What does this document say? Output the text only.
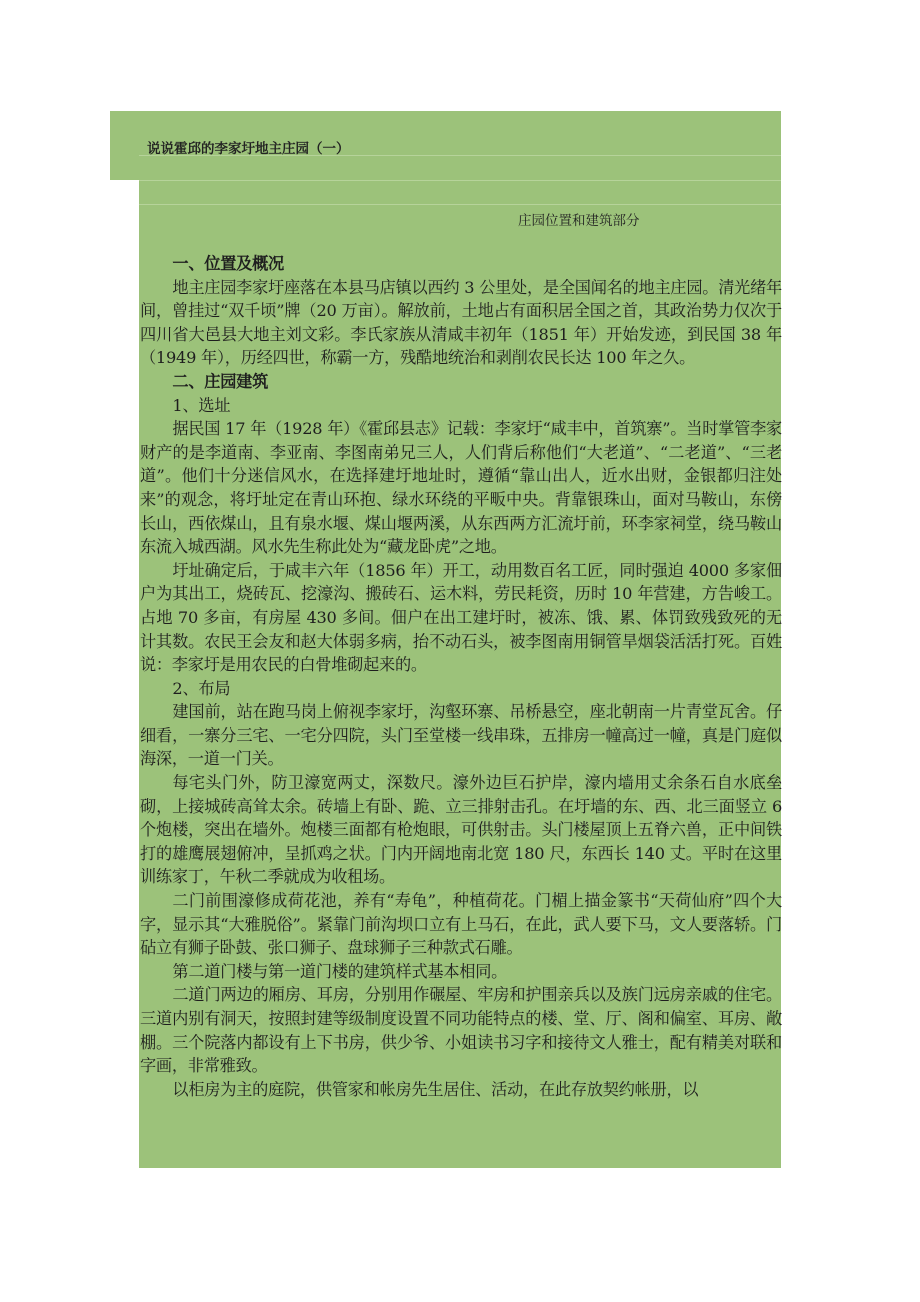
说说霍邱的李家圩地主庄园（一）
庄园位置和建筑部分

一、位置及概况

地主庄园李家圩座落在本县马店镇以西约 3 公里处，是全国闻名的地主庄园。清光绪年间，曾挂过“双千顷”牌（20 万亩）。解放前，土地占有面积居全国之首，其政治势力仅次于四川省大邑县大地主刘文彩。李氏家族从清咸丰初年（1851 年）开始发迹，到民国 38 年（1949 年），历经四世，称霸一方，残酷地统治和剥削农民长达 100 年之久。

二、庄园建筑

1、选址

据民国 17 年（1928 年）《霍邱县志》记载：李家圩“咸丰中，首筑寨”。当时掌管李家财产的是李道南、李亚南、李图南弟兄三人，人们背后称他们“大老道”、“二老道”、“三老道”。他们十分迷信风水，在选择建圩地址时，遵循“靠山出人，近水出财，金银都归注处来”的观念，将圩址定在青山环抱、绿水环绕的平畈中央。背靠银珠山，面对马鞍山，东傍长山，西依煤山，且有泉水堰、煤山堰两溪，从东西两方汇流圩前，环李家祠堂，绕马鞍山东流入城西湖。风水先生称此处为“藏龙卧虎”之地。

圩址确定后，于咸丰六年（1856 年）开工，动用数百名工匠，同时强迫 4000 多家佃户为其出工，烧砖瓦、挖濠沟、搬砖石、运木料，劳民耗资，历时 10 年营建，方告峻工。占地 70 多亩，有房屋 430 多间。佃户在出工建圩时，被冻、饿、累、体罚致残致死的无计其数。农民王会友和赵大体弱多病，抬不动石头，被李图南用铜管旱烟袋活活打死。百姓说：李家圩是用农民的白骨堆砌起来的。

2、布局

建国前，站在跑马岗上俯视李家圩，沟壑环寨、吊桥悬空，座北朝南一片青堂瓦舍。仔细看，一寨分三宅、一宅分四院，头门至堂楼一线串珠，五排房一幢高过一幢，真是门庭似海深，一道一门关。

每宅头门外，防卫濠宽两丈，深数尺。濠外边巨石护岸，濠内墙用丈余条石自水底垒砌，上接城砖高耸太余。砖墙上有卧、跪、立三排射击孔。在圩墙的东、西、北三面竖立 6 个炮楼，突出在墙外。炮楼三面都有枪炮眼，可供射击。头门楼屋顶上五脊六兽，正中间铁打的雄鹰展翅俯冲，呈抓鸡之状。门内开阔地南北宽 180 尺，东西长 140 丈。平时在这里训练家丁，午秋二季就成为收租场。

二门前围濠修成荷花池，养有“寿龟”，种植荷花。门楣上描金篆书“天荷仙府”四个大字，显示其“大雅脱俗”。紧靠门前沟坝口立有上马石，在此，武人要下马，文人要落轿。门砧立有狮子卧鼓、张口狮子、盘球狮子三种款式石雕。

第二道门楼与第一道门楼的建筑样式基本相同。

二道门两边的厢房、耳房，分别用作碾屋、牢房和护围亲兵以及族门远房亲戚的住宅。三道内别有洞天，按照封建等级制度设置不同功能特点的楼、堂、厅、阁和偏室、耳房、敞棚。三个院落内都设有上下书房，供少爷、小姐读书习字和接待文人雅士，配有精美对联和字画，非常雅致。

以柜房为主的庭院，供管家和帐房先生居住、活动，在此存放契约帐册，以
